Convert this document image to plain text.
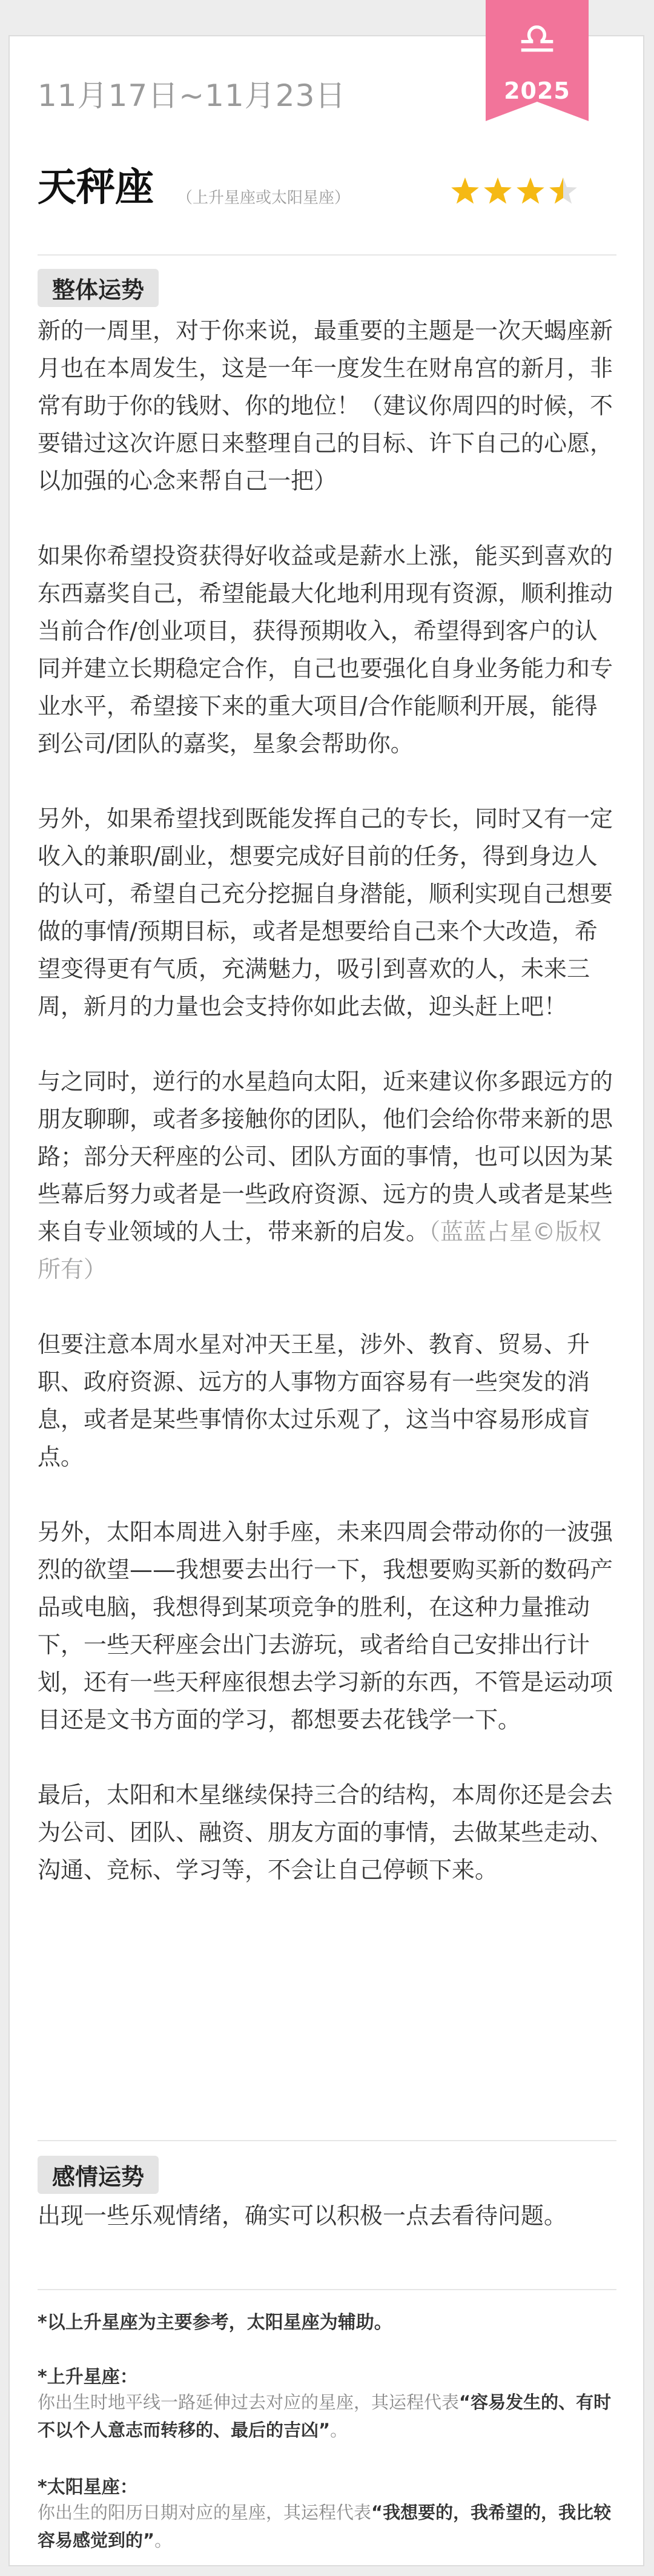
♎
2025
11月17日~11月23日
天秤座 （上升星座或太阳星座）
整体运势

新的一周里，对于你来说，最重要的主题是一次天蝎座新月也在本周发生，这是一年一度发生在财帛宫的新月，非常有助于你的钱财、你的地位！（建议你周四的时候，不要错过这次许愿日来整理自己的目标、许下自己的心愿，以加强的心念来帮自己一把）

如果你希望投资获得好收益或是薪水上涨，能买到喜欢的东西嘉奖自己，希望能最大化地利用现有资源，顺利推动当前合作/创业项目，获得预期收入，希望得到客户的认同并建立长期稳定合作，自己也要强化自身业务能力和专业水平，希望接下来的重大项目/合作能顺利开展，能得到公司/团队的嘉奖，星象会帮助你。

另外，如果希望找到既能发挥自己的专长，同时又有一定收入的兼职/副业，想要完成好目前的任务，得到身边人的认可，希望自己充分挖掘自身潜能，顺利实现自己想要做的事情/预期目标，或者是想要给自己来个大改造，希望变得更有气质，充满魅力，吸引到喜欢的人，未来三周，新月的力量也会支持你如此去做，迎头赶上吧！

与之同时，逆行的水星趋向太阳，近来建议你多跟远方的朋友聊聊，或者多接触你的团队，他们会给你带来新的思路；部分天秤座的公司、团队方面的事情，也可以因为某些幕后努力或者是一些政府资源、远方的贵人或者是某些来自专业领域的人士，带来新的启发。（蓝蓝占星©版权所有）

但要注意本周水星对冲天王星，涉外、教育、贸易、升职、政府资源、远方的人事物方面容易有一些突发的消息，或者是某些事情你太过乐观了，这当中容易形成盲点。

另外，太阳本周进入射手座，未来四周会带动你的一波强烈的欲望——我想要去出行一下，我想要购买新的数码产品或电脑，我想得到某项竞争的胜利，在这种力量推动下，一些天秤座会出门去游玩，或者给自己安排出行计划，还有一些天秤座很想去学习新的东西，不管是运动项目还是文书方面的学习，都想要去花钱学一下。

最后，太阳和木星继续保持三合的结构，本周你还是会去为公司、团队、融资、朋友方面的事情，去做某些走动、沟通、竞标、学习等，不会让自己停顿下来。

感情运势
出现一些乐观情绪，确实可以积极一点去看待问题。
*以上升星座为主要参考，太阳星座为辅助。
*上升星座：
你出生时地平线一路延伸过去对应的星座，其运程代表“容易发生的、有时不以个人意志而转移的、最后的吉凶”。
*太阳星座：
你出生的阳历日期对应的星座，其运程代表“我想要的，我希望的，我比较容易感觉到的”。
